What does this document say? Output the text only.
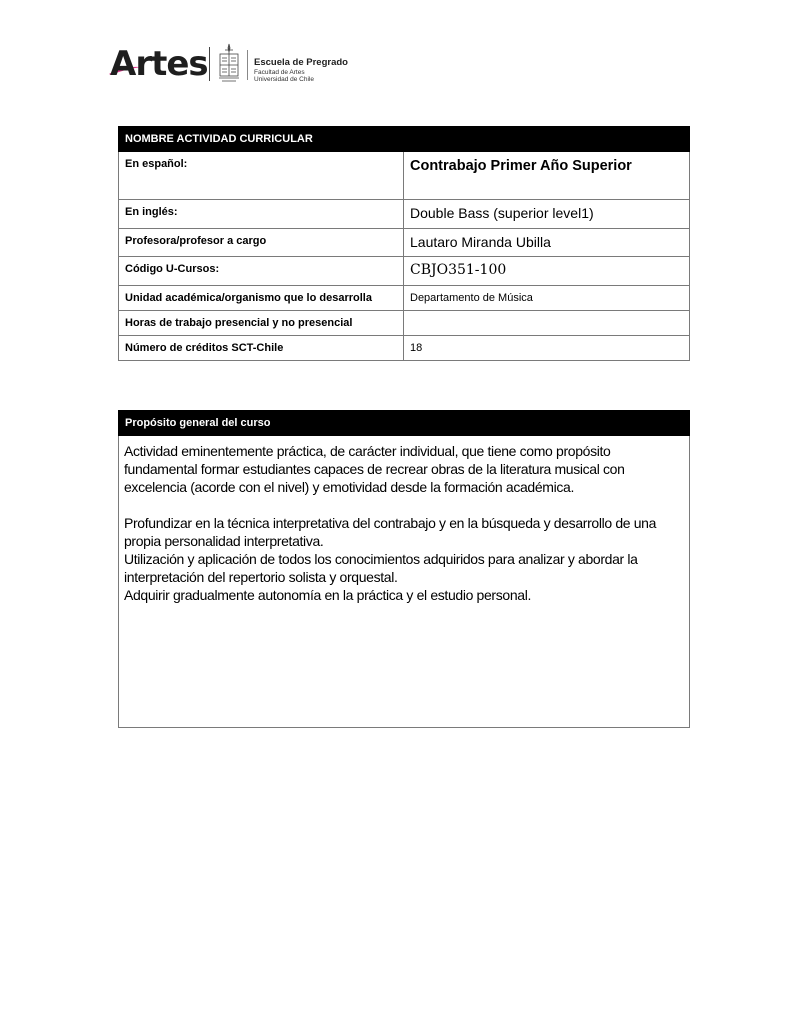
Artes	Escuela de Pregrado
Facultad de Artes
Universidad de Chile
NOMBRE ACTIVIDAD CURRICULAR	
En español:	Contrabajo Primer Año Superior
En inglés:	Double Bass (superior level1)
Profesora/profesor a cargo	Lautaro Miranda Ubilla
Código U-Cursos:	CBJO351-100
Unidad académica/organismo que lo desarrolla	Departamento de Música
Horas de trabajo presencial y no presencial	
Número de créditos SCT-Chile	18
Propósito general del curso

Actividad eminentemente práctica, de carácter individual, que tiene como propósito fundamental formar estudiantes capaces de recrear obras de la literatura musical con excelencia (acorde con el nivel) y emotividad desde la formación académica.

Profundizar en la técnica interpretativa del contrabajo y en la búsqueda y desarrollo de una propia personalidad interpretativa.

Utilización y aplicación de todos los conocimientos adquiridos para analizar y abordar la interpretación del repertorio solista y orquestal.

Adquirir gradualmente autonomía en la práctica y el estudio personal.
